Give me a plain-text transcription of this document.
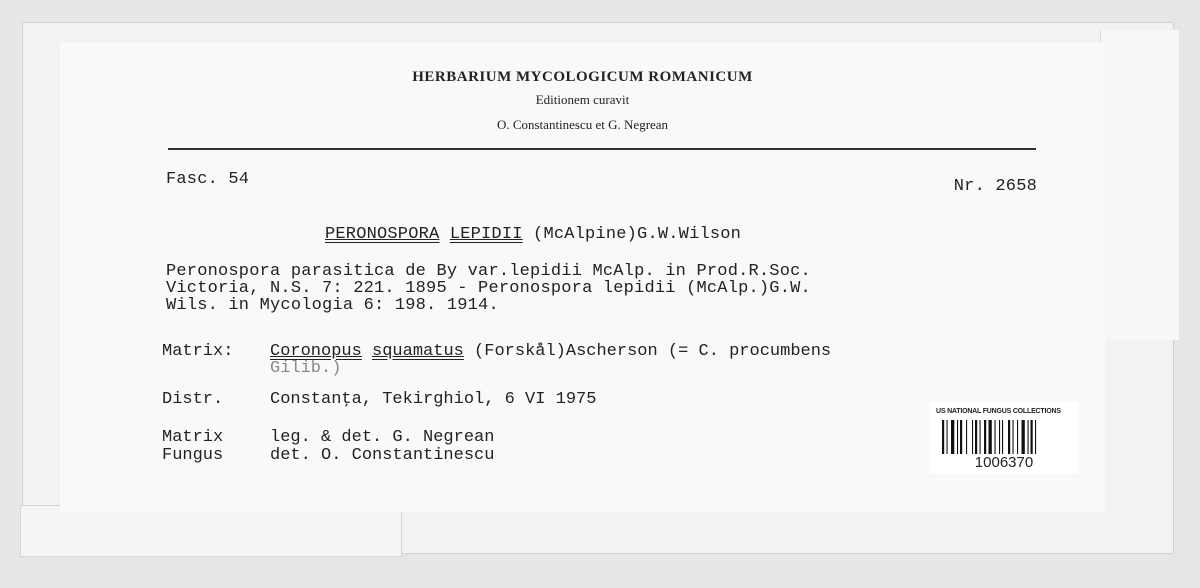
HERBARIUM MYCOLOGICUM ROMANICUM
Editionem curavit
O. Constantinescu et G. Negrean
Fasc. 54	Nr. 2658
PERONOSPORA LEPIDII (McAlpine)G.W.Wilson
Peronospora parasitica de By var.lepidii McAlp. in Prod.R.Soc.
Victoria, N.S. 7: 221. 1895 - Peronospora lepidii (McAlp.)G.W.
Wils. in Mycologia 6: 198. 1914.
Matrix: Coronopus squamatus (Forskål)Ascherson (= C. procumbens
Gilib.)
Distr.	Constanţa, Tekirghiol, 6 VI 1975
Matrix	leg. & det. G. Negrean
Fungus	det. O. Constantinescu
US NATIONAL FUNGUS COLLECTIONS
1006370
